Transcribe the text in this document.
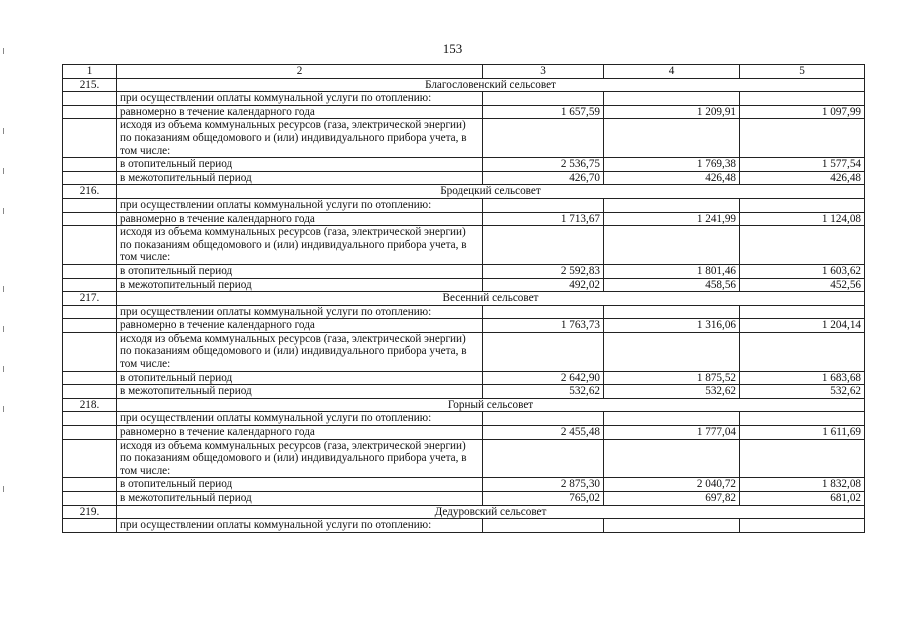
153
1	2	3	4	5
215.	Благословенский сельсовет			
	при осуществлении оплаты коммунальной услуги по отоплению:			
	равномерно в течение календарного года	1 657,59	1 209,91	1 097,99
	исходя из объема коммунальных ресурсов (газа, электрической энергии) по показаниям общедомового и (или) индивидуального прибора учета, в том числе:			
	в отопительный период	2 536,75	1 769,38	1 577,54
	в межотопительный период	426,70	426,48	426,48
216.	Бродецкий сельсовет			
	при осуществлении оплаты коммунальной услуги по отоплению:			
	равномерно в течение календарного года	1 713,67	1 241,99	1 124,08
	исходя из объема коммунальных ресурсов (газа, электрической энергии) по показаниям общедомового и (или) индивидуального прибора учета, в том числе:			
	в отопительный период	2 592,83	1 801,46	1 603,62
	в межотопительный период	492,02	458,56	452,56
217.	Весенний сельсовет			
	при осуществлении оплаты коммунальной услуги по отоплению:			
	равномерно в течение календарного года	1 763,73	1 316,06	1 204,14
	исходя из объема коммунальных ресурсов (газа, электрической энергии) по показаниям общедомового и (или) индивидуального прибора учета, в том числе:			
	в отопительный период	2 642,90	1 875,52	1 683,68
	в межотопительный период	532,62	532,62	532,62
218.	Горный сельсовет			
	при осуществлении оплаты коммунальной услуги по отоплению:			
	равномерно в течение календарного года	2 455,48	1 777,04	1 611,69
	исходя из объема коммунальных ресурсов (газа, электрической энергии) по показаниям общедомового и (или) индивидуального прибора учета, в том числе:			
	в отопительный период	2 875,30	2 040,72	1 832,08
	в межотопительный период	765,02	697,82	681,02
219.	Дедуровский сельсовет			
	при осуществлении оплаты коммунальной услуги по отоплению:			
